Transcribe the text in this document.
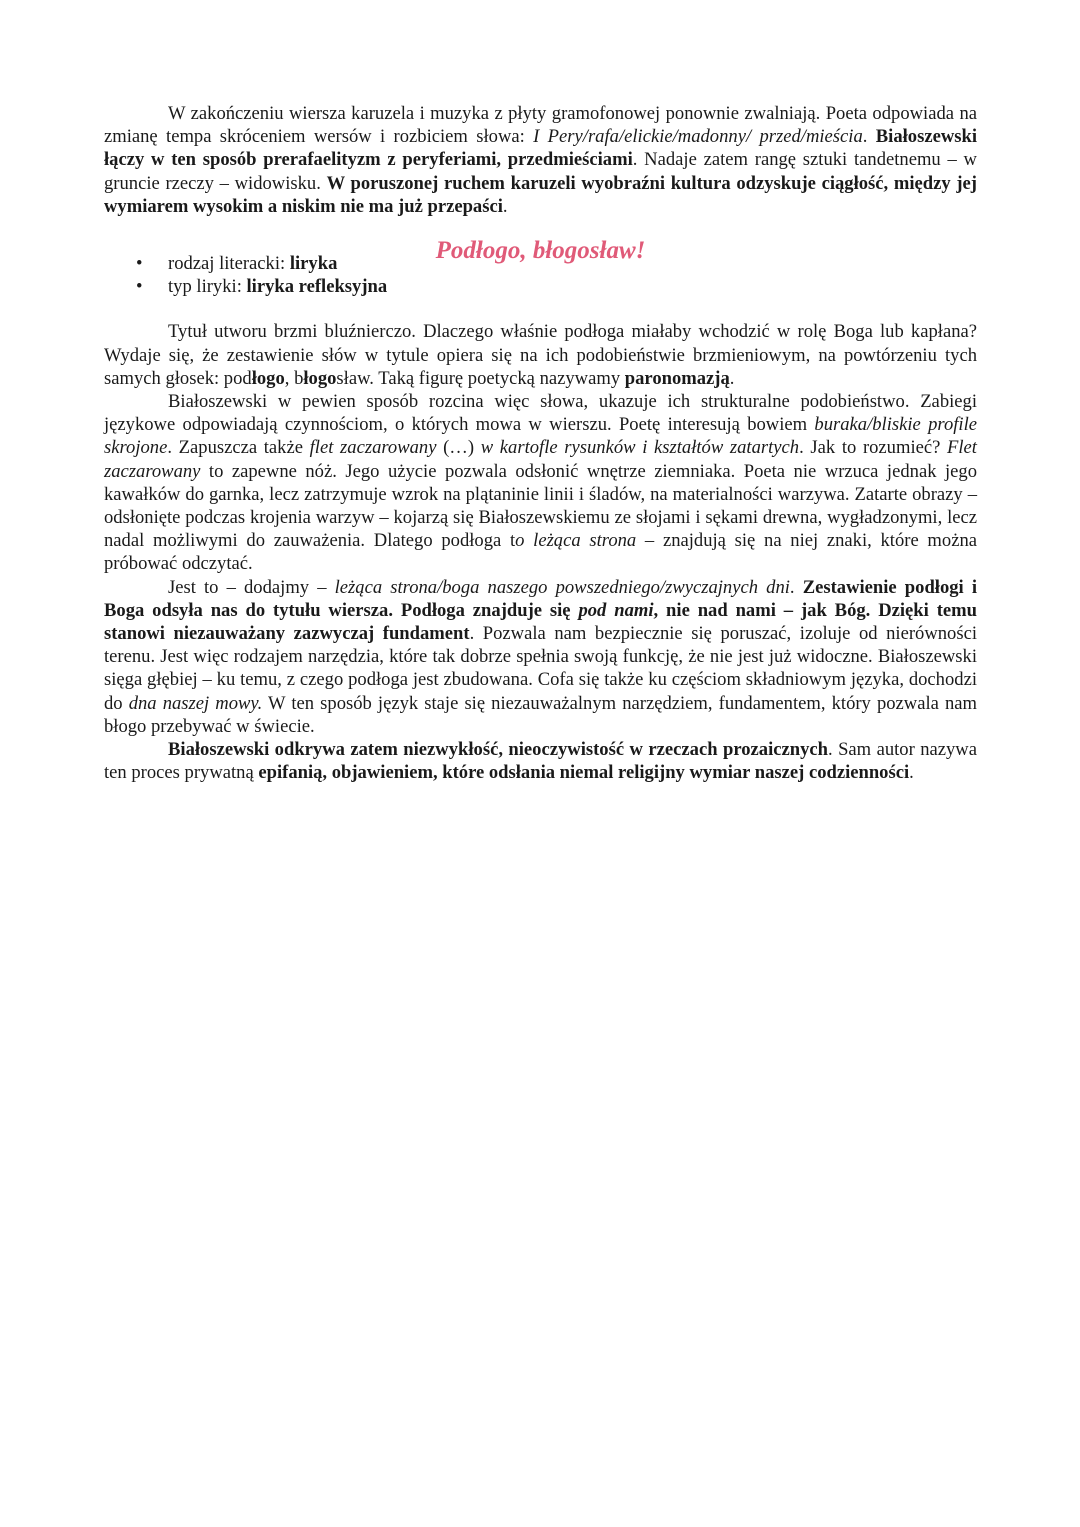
W zakończeniu wiersza karuzela i muzyka z płyty gramofonowej ponownie zwalniają. Poeta odpowiada na zmianę tempa skróceniem wersów i rozbiciem słowa: I Pery/rafa/elickie/madonny/ przed/mieścia. Białoszewski łączy w ten sposób prerafaelityzm z peryferiami, przedmieściami. Nadaje zatem rangę sztuki tandetnemu – w gruncie rzeczy – widowisku. W poruszonej ruchem karuzeli wyobraźni kultura odzyskuje ciągłość, między jej wymiarem wysokim a niskim nie ma już przepaści.

Podłogo, błogosław!
• rodzaj literacki: liryka
• typ liryki: liryka refleksyjna

Tytuł utworu brzmi bluźnierczo. Dlaczego właśnie podłoga miałaby wchodzić w rolę Boga lub kapłana? Wydaje się, że zestawienie słów w tytule opiera się na ich podobieństwie brzmieniowym, na powtórzeniu tych samych głosek: podłogo, błogosław. Taką figurę poetycką nazywamy paronomazją.

Białoszewski w pewien sposób rozcina więc słowa, ukazuje ich strukturalne podobieństwo. Zabiegi językowe odpowiadają czynnościom, o których mowa w wierszu. Poetę interesują bowiem buraka/bliskie profile skrojone. Zapuszcza także flet zaczarowany (…) w kartofle rysunków i kształtów zatartych. Jak to rozumieć? Flet zaczarowany to zapewne nóż. Jego użycie pozwala odsłonić wnętrze ziemniaka. Poeta nie wrzuca jednak jego kawałków do garnka, lecz zatrzymuje wzrok na plątaninie linii i śladów, na materialności warzywa. Zatarte obrazy – odsłonięte podczas krojenia warzyw – kojarzą się Białoszewskiemu ze słojami i sękami drewna, wygładzonymi, lecz nadal możliwymi do zauważenia. Dlatego podłoga to leżąca strona – znajdują się na niej znaki, które można próbować odczytać.

Jest to – dodajmy – leżąca strona/boga naszego powszedniego/zwyczajnych dni. Zestawienie podłogi i Boga odsyła nas do tytułu wiersza. Podłoga znajduje się pod nami, nie nad nami – jak Bóg. Dzięki temu stanowi niezauważany zazwyczaj fundament. Pozwala nam bezpiecznie się poruszać, izoluje od nierówności terenu. Jest więc rodzajem narzędzia, które tak dobrze spełnia swoją funkcję, że nie jest już widoczne. Białoszewski sięga głębiej – ku temu, z czego podłoga jest zbudowana. Cofa się także ku częściom składniowym języka, dochodzi do dna naszej mowy. W ten sposób język staje się niezauważalnym narzędziem, fundamentem, który pozwala nam błogo przebywać w świecie.

Białoszewski odkrywa zatem niezwykłość, nieoczywistość w rzeczach prozaicznych. Sam autor nazywa ten proces prywatną epifanią, objawieniem, które odsłania niemal religijny wymiar naszej codzienności.
